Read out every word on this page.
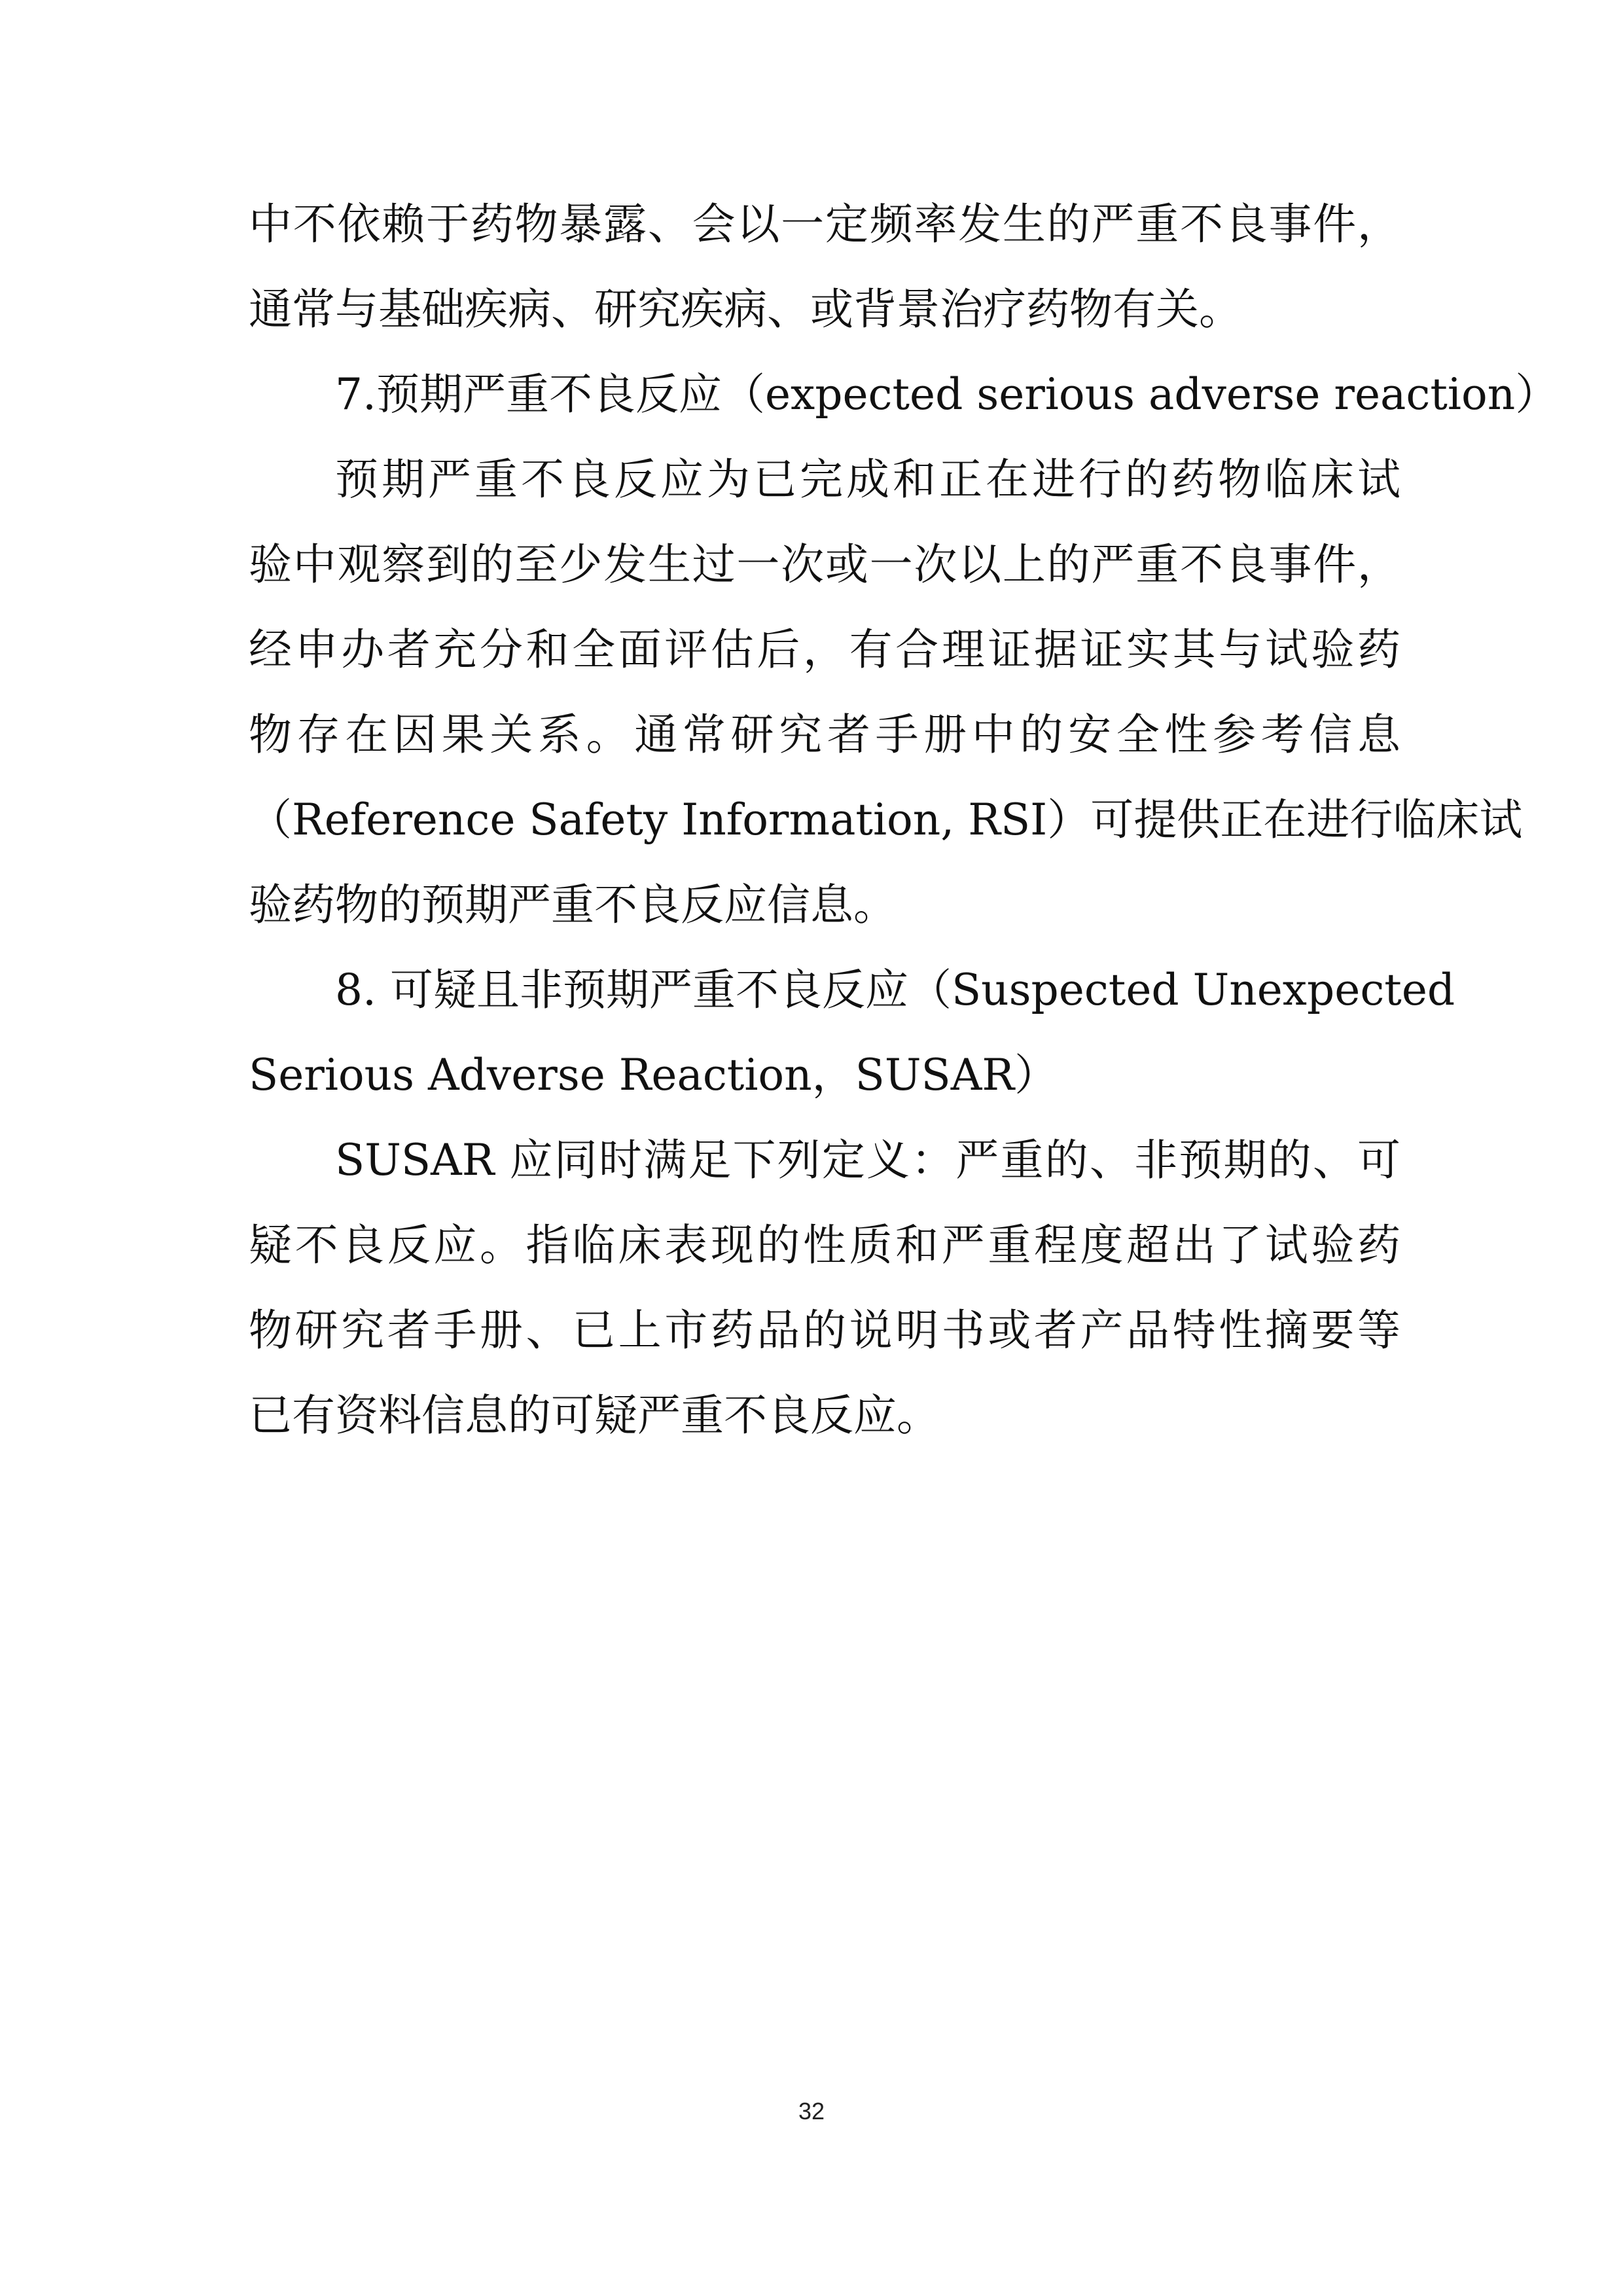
中不依赖于药物暴露、会以一定频率发生的严重不良事件，
通常与基础疾病、研究疾病、或背景治疗药物有关。
7.预期严重不良反应（expected serious adverse reaction）
预期严重不良反应为已完成和正在进行的药物临床试
验中观察到的至少发生过一次或一次以上的严重不良事件，
经申办者充分和全面评估后，有合理证据证实其与试验药
物存在因果关系。通常研究者手册中的安全性参考信息
（Reference Safety Information, RSI）可提供正在进行临床试
验药物的预期严重不良反应信息。
8. 可疑且非预期严重不良反应（Suspected Unexpected
Serious Adverse Reaction，SUSAR）
SUSAR 应同时满足下列定义：严重的、非预期的、可
疑不良反应。指临床表现的性质和严重程度超出了试验药
物研究者手册、已上市药品的说明书或者产品特性摘要等
已有资料信息的可疑严重不良反应。
32
